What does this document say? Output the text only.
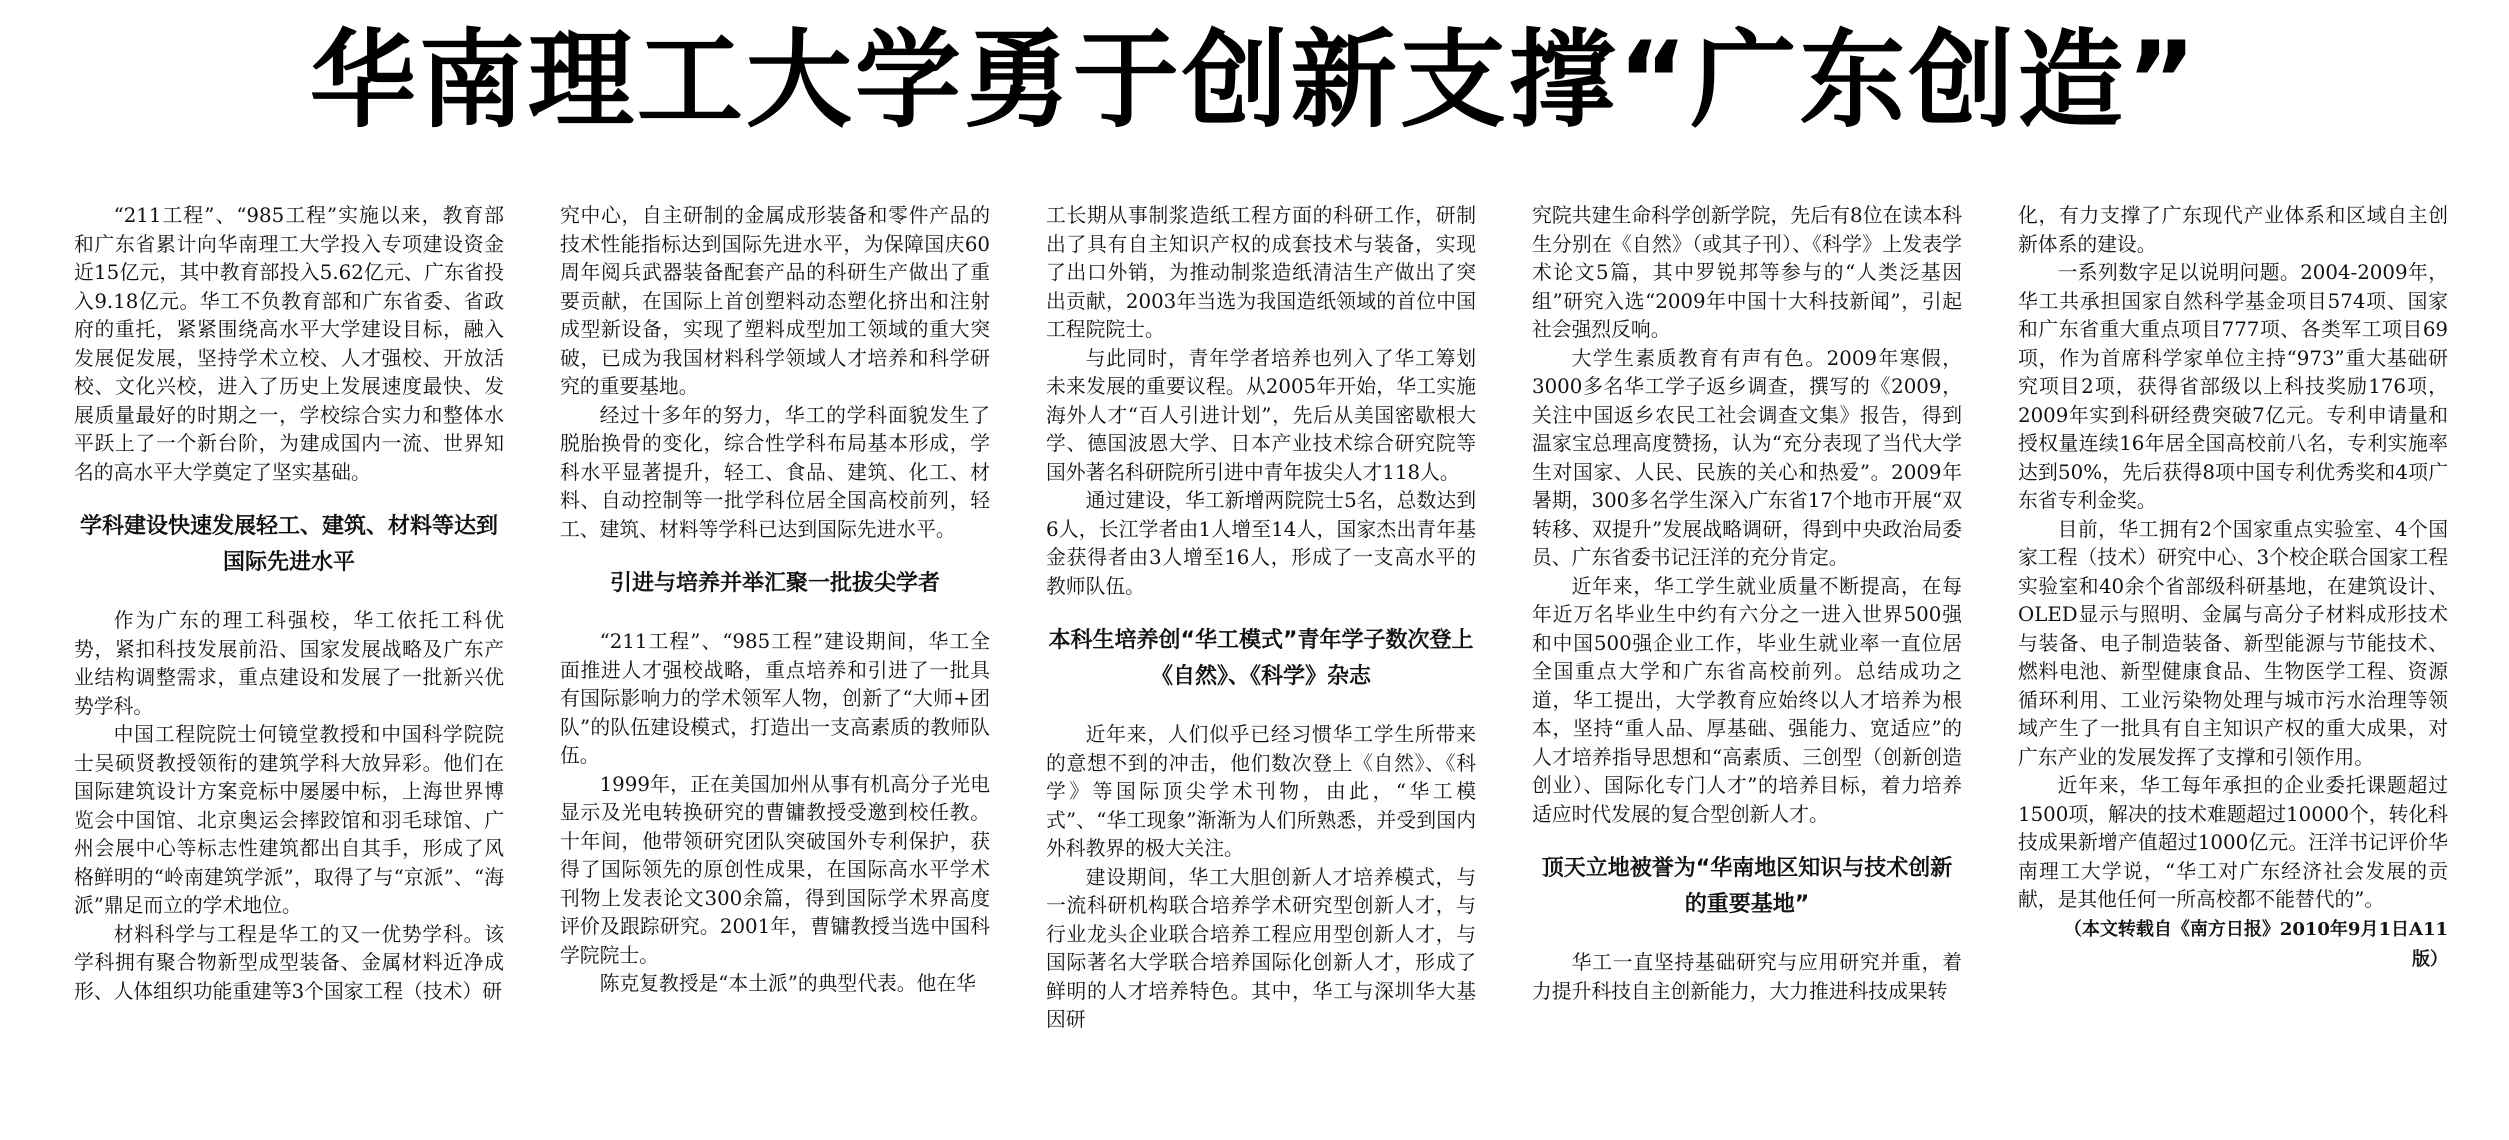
华南理工大学勇于创新支撑“广东创造”

“211工程”、“985工程”实施以来，教育部和广东省累计向华南理工大学投入专项建设资金近15亿元，其中教育部投入5.62亿元、广东省投入9.18亿元。华工不负教育部和广东省委、省政府的重托，紧紧围绕高水平大学建设目标，融入发展促发展，坚持学术立校、人才强校、开放活校、文化兴校，进入了历史上发展速度最快、发展质量最好的时期之一，学校综合实力和整体水平跃上了一个新台阶，为建成国内一流、世界知名的高水平大学奠定了坚实基础。

学科建设快速发展轻工、建筑、材料等达到国际先进水平

作为广东的理工科强校，华工依托工科优势，紧扣科技发展前沿、国家发展战略及广东产业结构调整需求，重点建设和发展了一批新兴优势学科。

中国工程院院士何镜堂教授和中国科学院院士吴硕贤教授领衔的建筑学科大放异彩。他们在国际建筑设计方案竞标中屡屡中标，上海世界博览会中国馆、北京奥运会摔跤馆和羽毛球馆、广州会展中心等标志性建筑都出自其手，形成了风格鲜明的“岭南建筑学派”，取得了与“京派”、“海派”鼎足而立的学术地位。

材料科学与工程是华工的又一优势学科。该学科拥有聚合物新型成型装备、金属材料近净成形、人体组织功能重建等3个国家工程（技术）研

究中心，自主研制的金属成形装备和零件产品的技术性能指标达到国际先进水平，为保障国庆60周年阅兵武器装备配套产品的科研生产做出了重要贡献，在国际上首创塑料动态塑化挤出和注射成型新设备，实现了塑料成型加工领域的重大突破，已成为我国材料科学领域人才培养和科学研究的重要基地。

经过十多年的努力，华工的学科面貌发生了脱胎换骨的变化，综合性学科布局基本形成，学科水平显著提升，轻工、食品、建筑、化工、材料、自动控制等一批学科位居全国高校前列，轻工、建筑、材料等学科已达到国际先进水平。

引进与培养并举汇聚一批拔尖学者

“211工程”、“985工程”建设期间，华工全面推进人才强校战略，重点培养和引进了一批具有国际影响力的学术领军人物，创新了“大师+团队”的队伍建设模式，打造出一支高素质的教师队伍。

1999年，正在美国加州从事有机高分子光电显示及光电转换研究的曹镛教授受邀到校任教。十年间，他带领研究团队突破国外专利保护，获得了国际领先的原创性成果，在国际高水平学术刊物上发表论文300余篇，得到国际学术界高度评价及跟踪研究。2001年，曹镛教授当选中国科学院院士。

陈克复教授是“本土派”的典型代表。他在华

工长期从事制浆造纸工程方面的科研工作，研制出了具有自主知识产权的成套技术与装备，实现了出口外销，为推动制浆造纸清洁生产做出了突出贡献，2003年当选为我国造纸领域的首位中国工程院院士。

与此同时，青年学者培养也列入了华工筹划未来发展的重要议程。从2005年开始，华工实施海外人才“百人引进计划”，先后从美国密歇根大学、德国波恩大学、日本产业技术综合研究院等国外著名科研院所引进中青年拔尖人才118人。

通过建设，华工新增两院院士5名，总数达到6人，长江学者由1人增至14人，国家杰出青年基金获得者由3人增至16人，形成了一支高水平的教师队伍。

本科生培养创“华工模式”青年学子数次登上《自然》、《科学》杂志

近年来，人们似乎已经习惯华工学生所带来的意想不到的冲击，他们数次登上《自然》、《科学》等国际顶尖学术刊物，由此，“华工模式”、“华工现象”渐渐为人们所熟悉，并受到国内外科教界的极大关注。

建设期间，华工大胆创新人才培养模式，与一流科研机构联合培养学术研究型创新人才，与行业龙头企业联合培养工程应用型创新人才，与国际著名大学联合培养国际化创新人才，形成了鲜明的人才培养特色。其中，华工与深圳华大基因研

究院共建生命科学创新学院，先后有8位在读本科生分别在《自然》（或其子刊）、《科学》上发表学术论文5篇，其中罗锐邦等参与的“人类泛基因组”研究入选“2009年中国十大科技新闻”，引起社会强烈反响。

大学生素质教育有声有色。2009年寒假，3000多名华工学子返乡调查，撰写的《2009，关注中国返乡农民工社会调查文集》报告，得到温家宝总理高度赞扬，认为“充分表现了当代大学生对国家、人民、民族的关心和热爱”。2009年暑期，300多名学生深入广东省17个地市开展“双转移、双提升”发展战略调研，得到中央政治局委员、广东省委书记汪洋的充分肯定。

近年来，华工学生就业质量不断提高，在每年近万名毕业生中约有六分之一进入世界500强和中国500强企业工作，毕业生就业率一直位居全国重点大学和广东省高校前列。总结成功之道，华工提出，大学教育应始终以人才培养为根本，坚持“重人品、厚基础、强能力、宽适应”的人才培养指导思想和“高素质、三创型（创新创造创业）、国际化专门人才”的培养目标，着力培养适应时代发展的复合型创新人才。

顶天立地被誉为“华南地区知识与技术创新的重要基地”

华工一直坚持基础研究与应用研究并重，着力提升科技自主创新能力，大力推进科技成果转

化，有力支撑了广东现代产业体系和区域自主创新体系的建设。

一系列数字足以说明问题。2004-2009年，华工共承担国家自然科学基金项目574项、国家和广东省重大重点项目777项、各类军工项目69项，作为首席科学家单位主持“973”重大基础研究项目2项，获得省部级以上科技奖励176项，2009年实到科研经费突破7亿元。专利申请量和授权量连续16年居全国高校前八名，专利实施率达到50%，先后获得8项中国专利优秀奖和4项广东省专利金奖。

目前，华工拥有2个国家重点实验室、4个国家工程（技术）研究中心、3个校企联合国家工程实验室和40余个省部级科研基地，在建筑设计、OLED显示与照明、金属与高分子材料成形技术与装备、电子制造装备、新型能源与节能技术、燃料电池、新型健康食品、生物医学工程、资源循环利用、工业污染物处理与城市污水治理等领域产生了一批具有自主知识产权的重大成果，对广东产业的发展发挥了支撑和引领作用。

近年来，华工每年承担的企业委托课题超过1500项，解决的技术难题超过10000个，转化科技成果新增产值超过1000亿元。汪洋书记评价华南理工大学说，“华工对广东经济社会发展的贡献，是其他任何一所高校都不能替代的”。

（本文转载自《南方日报》2010年9月1日A11版）
